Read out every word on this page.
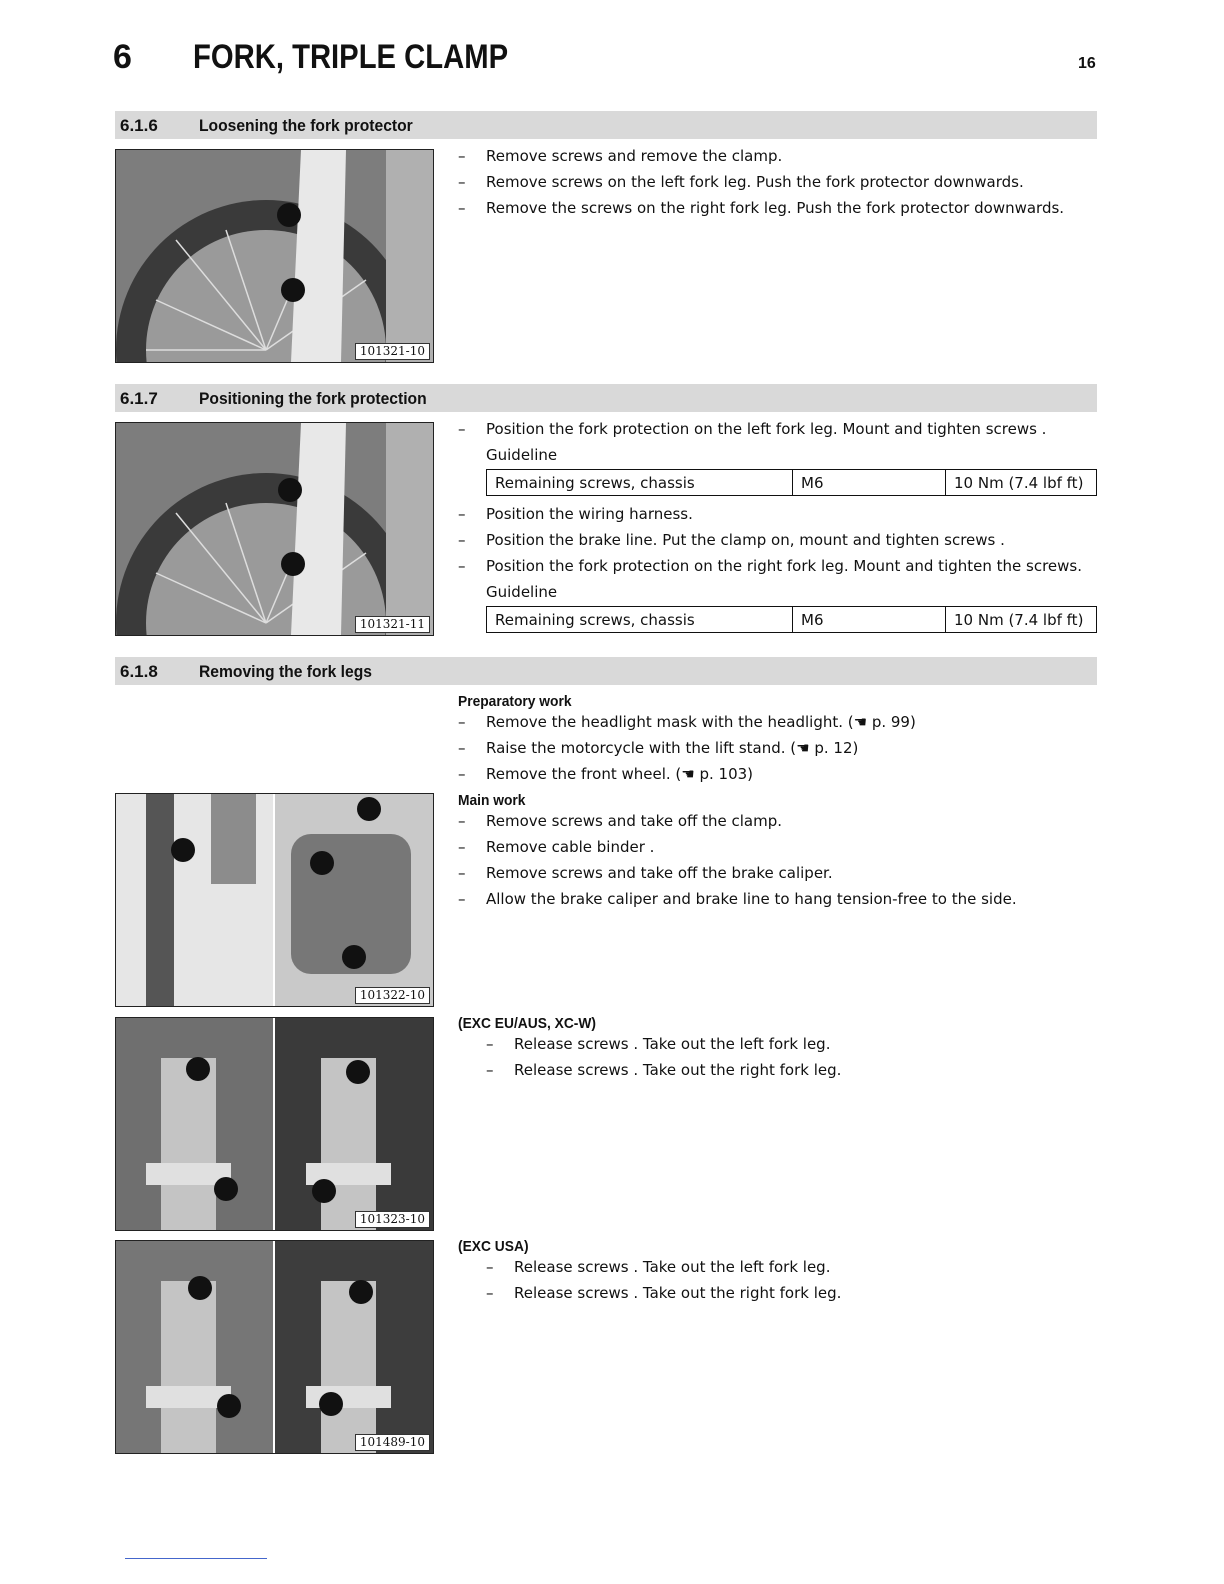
6 FORK, TRIPLE CLAMP	16
6.1.6 Loosening the fork protector
101321-10
– Remove screws and remove the clamp.
– Remove screws on the left fork leg. Push the fork protector downwards.
– Remove the screws on the right fork leg. Push the fork protector downwards.
6.1.7 Positioning the fork protection
101321-11
– Position the fork protection on the left fork leg. Mount and tighten screws .
Guideline
Remaining screws, chassis	M6	10 Nm (7.4 lbf ft)
– Position the wiring harness.
– Position the brake line. Put the clamp on, mount and tighten screws .
– Position the fork protection on the right fork leg. Mount and tighten the screws.
Guideline
Remaining screws, chassis	M6	10 Nm (7.4 lbf ft)
6.1.8 Removing the fork legs
Preparatory work
– Remove the headlight mask with the headlight. (☚ p. 99)
– Raise the motorcycle with the lift stand. (☚ p. 12)
– Remove the front wheel. (☚ p. 103)
101322-10
Main work
– Remove screws and take off the clamp.
– Remove cable binder .
– Remove screws and take off the brake caliper.
– Allow the brake caliper and brake line to hang tension-free to the side.
101323-10
(EXC EU/AUS, XC-W)
– Release screws . Take out the left fork leg.
– Release screws . Take out the right fork leg.
101489-10
(EXC USA)
– Release screws . Take out the left fork leg.
– Release screws . Take out the right fork leg.
